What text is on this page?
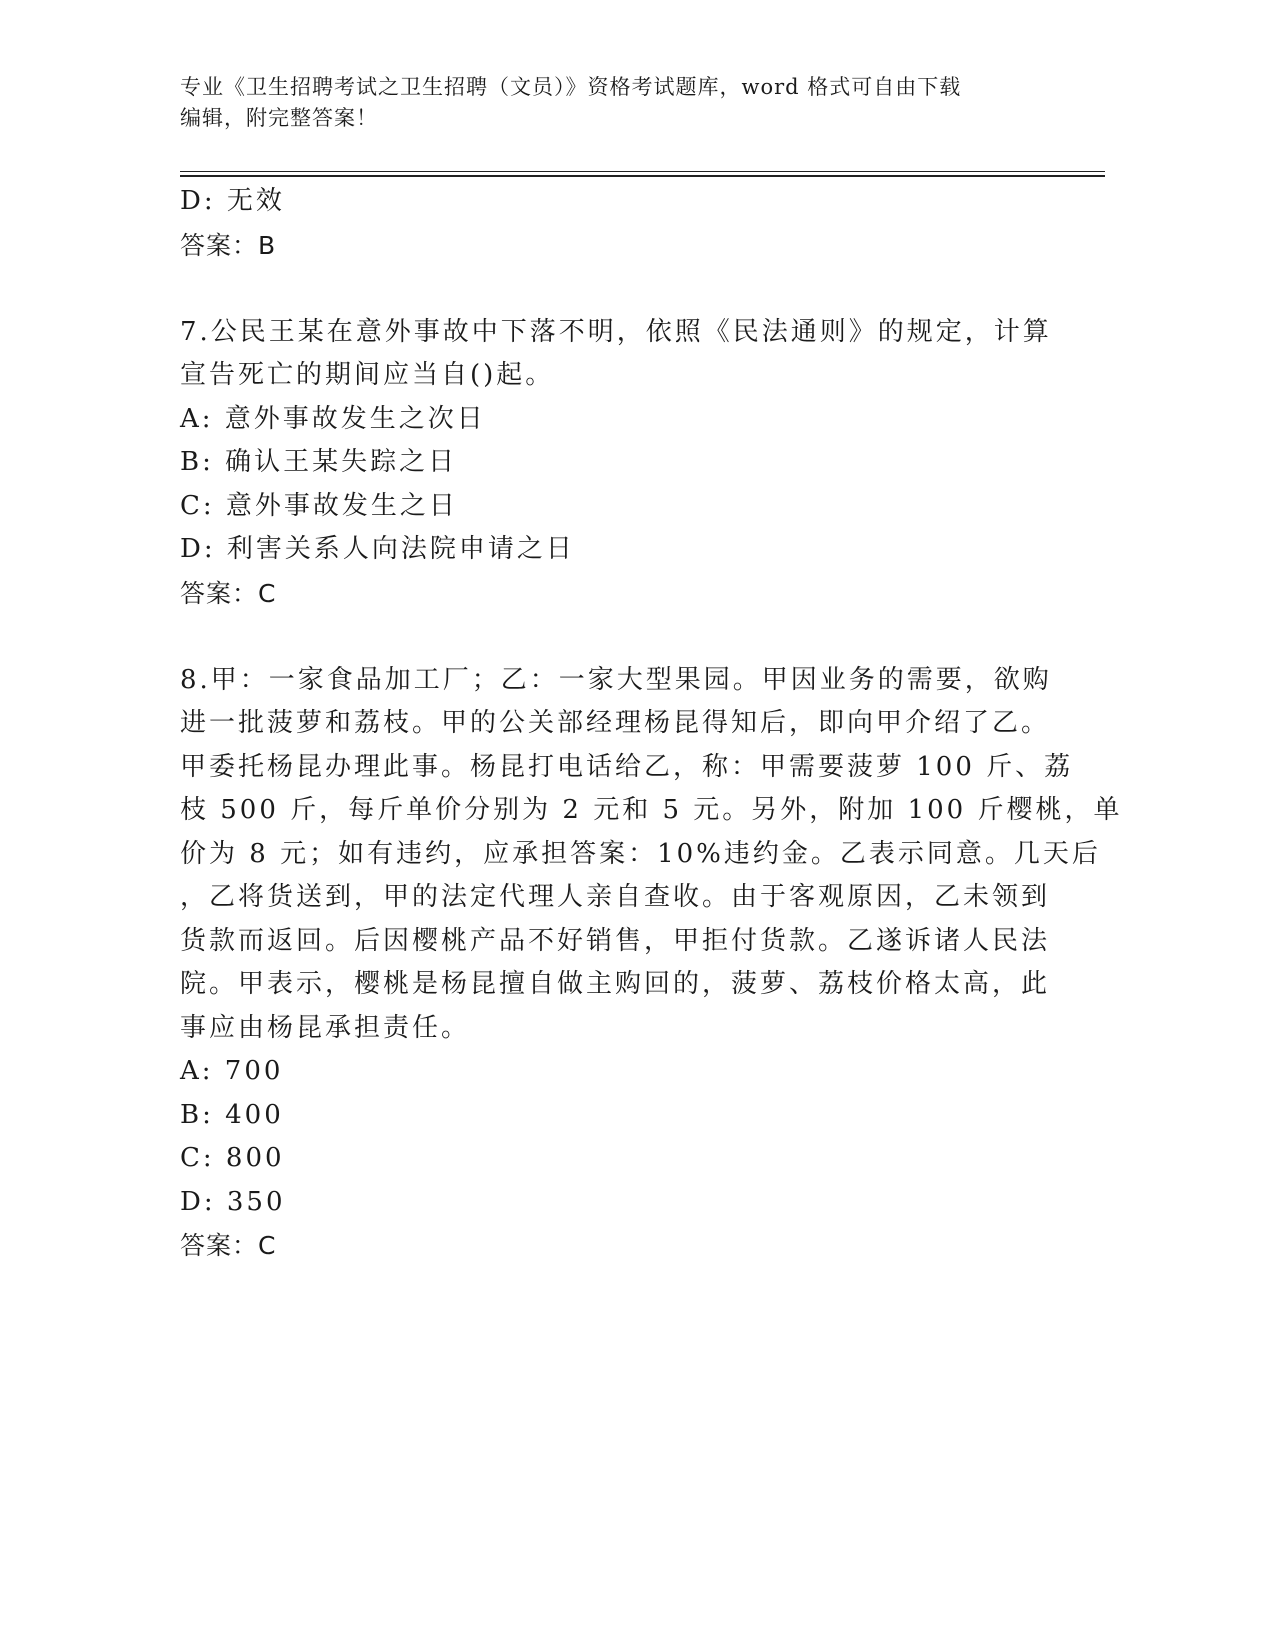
专业《卫生招聘考试之卫生招聘（文员）》资格考试题库，word 格式可自由下载
编辑，附完整答案！
D: 无效
答案：B
7.公民王某在意外事故中下落不明，依照《民法通则》的规定，计算
宣告死亡的期间应当自()起。
A: 意外事故发生之次日
B: 确认王某失踪之日
C: 意外事故发生之日
D: 利害关系人向法院申请之日
答案：C
8.甲：一家食品加工厂；乙：一家大型果园。甲因业务的需要，欲购
进一批菠萝和荔枝。甲的公关部经理杨昆得知后，即向甲介绍了乙。
甲委托杨昆办理此事。杨昆打电话给乙，称：甲需要菠萝 100 斤、荔
枝 500 斤，每斤单价分别为 2 元和 5 元。另外，附加 100 斤樱桃，单
价为 8 元；如有违约，应承担答案：10%违约金。乙表示同意。几天后
，乙将货送到，甲的法定代理人亲自查收。由于客观原因，乙未领到
货款而返回。后因樱桃产品不好销售，甲拒付货款。乙遂诉诸人民法
院。甲表示，樱桃是杨昆擅自做主购回的，菠萝、荔枝价格太高，此
事应由杨昆承担责任。
A: 700
B: 400
C: 800
D: 350
答案：C
